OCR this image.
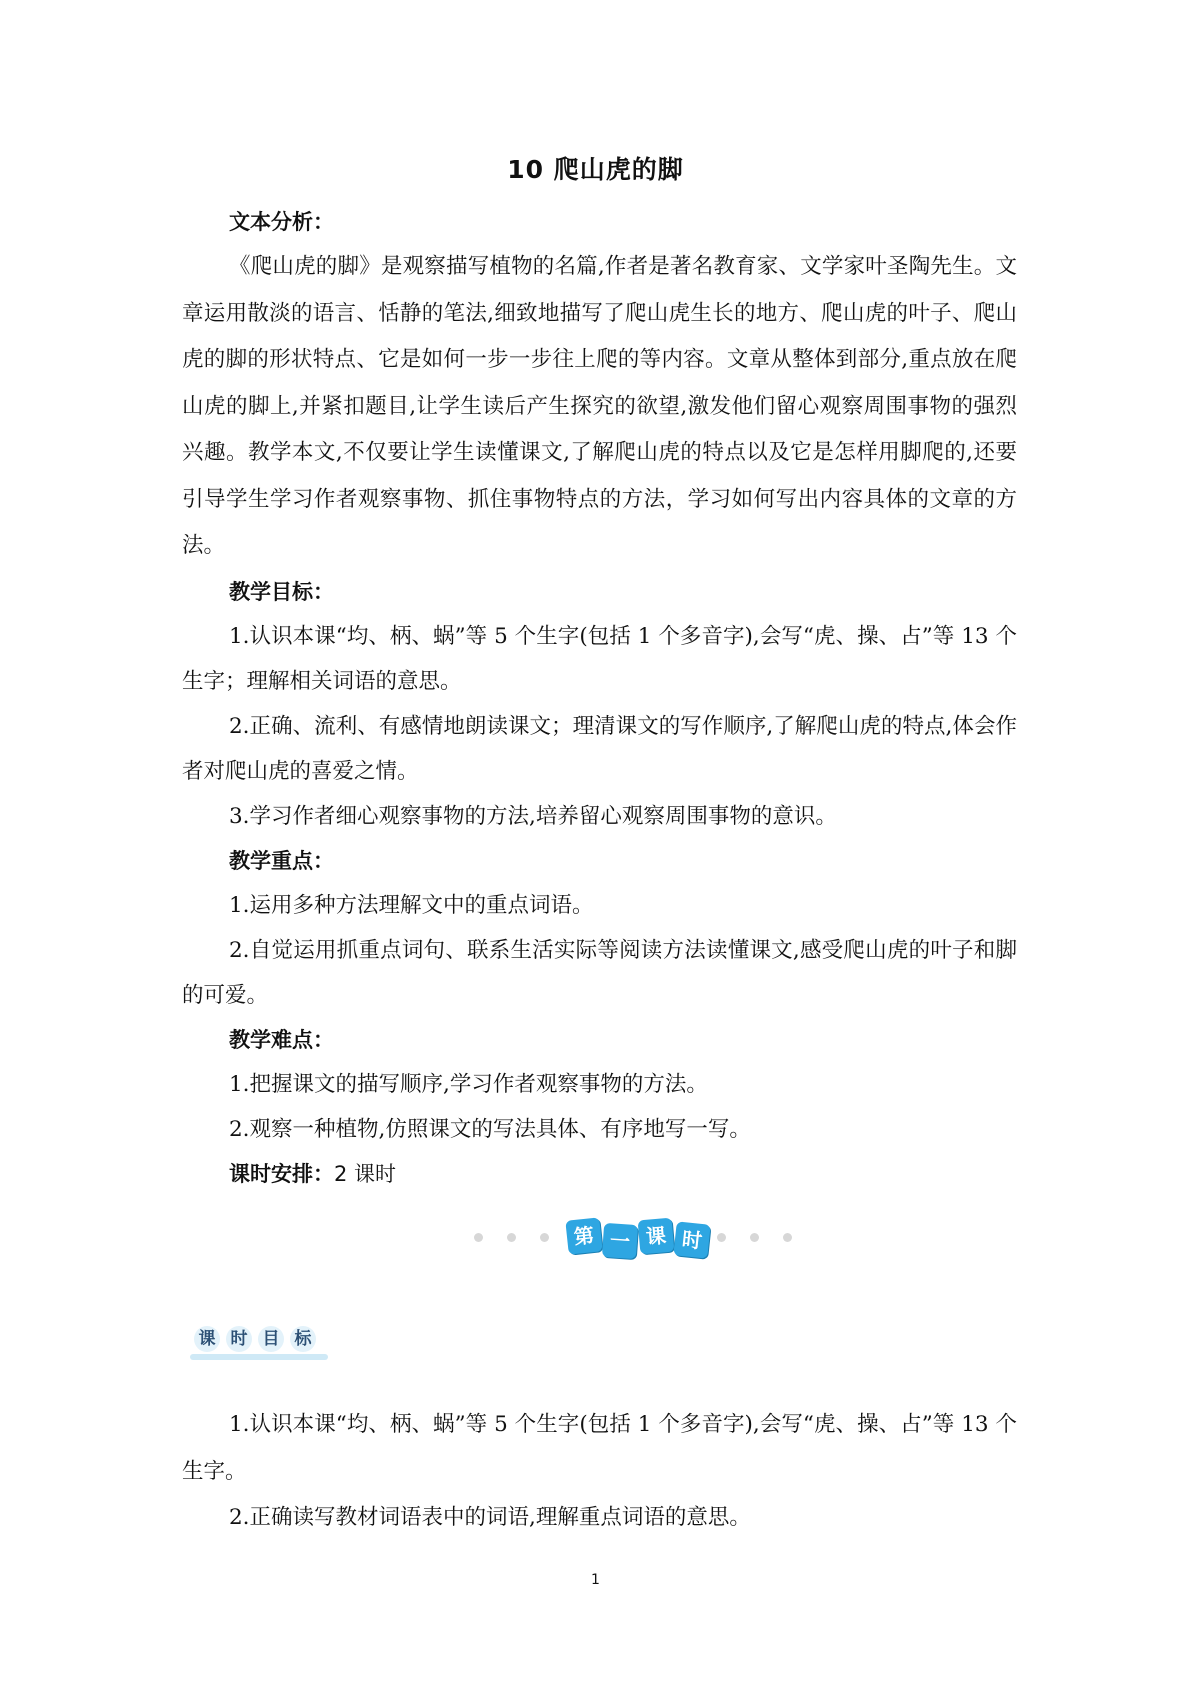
10 爬山虎的脚
文本分析：

《爬山虎的脚》是观察描写植物的名篇,作者是著名教育家、文学家叶圣陶先生。文章运用散淡的语言、恬静的笔法,细致地描写了爬山虎生长的地方、爬山虎的叶子、爬山虎的脚的形状特点、它是如何一步一步往上爬的等内容。文章从整体到部分,重点放在爬山虎的脚上,并紧扣题目,让学生读后产生探究的欲望,激发他们留心观察周围事物的强烈兴趣。教学本文,不仅要让学生读懂课文,了解爬山虎的特点以及它是怎样用脚爬的,还要引导学生学习作者观察事物、抓住事物特点的方法，学习如何写出内容具体的文章的方法。

教学目标：

1.认识本课“均、柄、蜗”等 5 个生字(包括 1 个多音字),会写“虎、操、占”等 13 个生字；理解相关词语的意思。

2.正确、流利、有感情地朗读课文；理清课文的写作顺序,了解爬山虎的特点,体会作者对爬山虎的喜爱之情。

3.学习作者细心观察事物的方法,培养留心观察周围事物的意识。

教学重点：

1.运用多种方法理解文中的重点词语。

2.自觉运用抓重点词句、联系生活实际等阅读方法读懂课文,感受爬山虎的叶子和脚的可爱。

教学难点：

1.把握课文的描写顺序,学习作者观察事物的方法。

2.观察一种植物,仿照课文的写法具体、有序地写一写。

课时安排：2 课时
第 一 课 时
课 时 目 标

1.认识本课“均、柄、蜗”等 5 个生字(包括 1 个多音字),会写“虎、操、占”等 13 个生字。

2.正确读写教材词语表中的词语,理解重点词语的意思。

1
